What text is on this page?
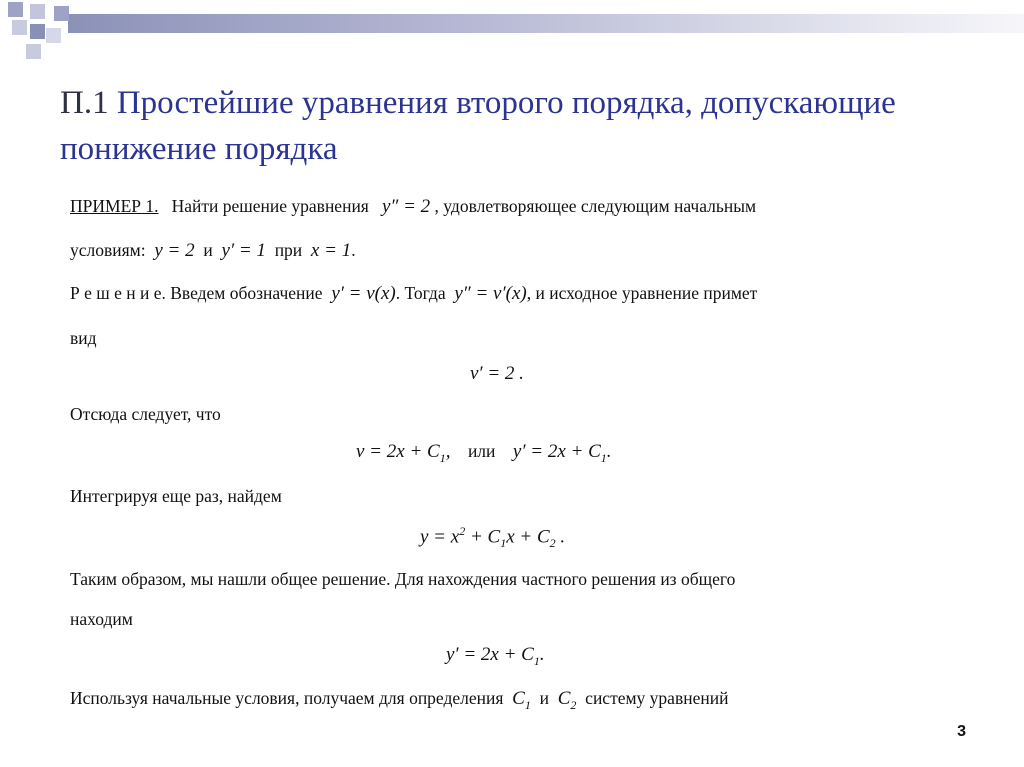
П.1 Простейшие уравнения второго порядка, допускающие понижение порядка
ПРИМЕР 1. Найти решение уравнения y″ = 2 , удовлетворяющее следующим начальным
условиям: y = 2 и y′ = 1 при x = 1.
Р е ш е н и е. Введем обозначение y′ = v(x). Тогда y″ = v′(x), и исходное уравнение примет
вид
v′ = 2 .
Отсюда следует, что
$v = 2x + C_1$, или $y' = 2x + C_1$.
Интегрируя еще раз, найдем
$y = x^2 + C_1x + C_2$ .
Таким образом, мы нашли общее решение. Для нахождения частного решения из общего
находим
$y' = 2x + C_1$.
Используя начальные условия, получаем для определения $C_1$ и $C_2$ систему уравнений
3
